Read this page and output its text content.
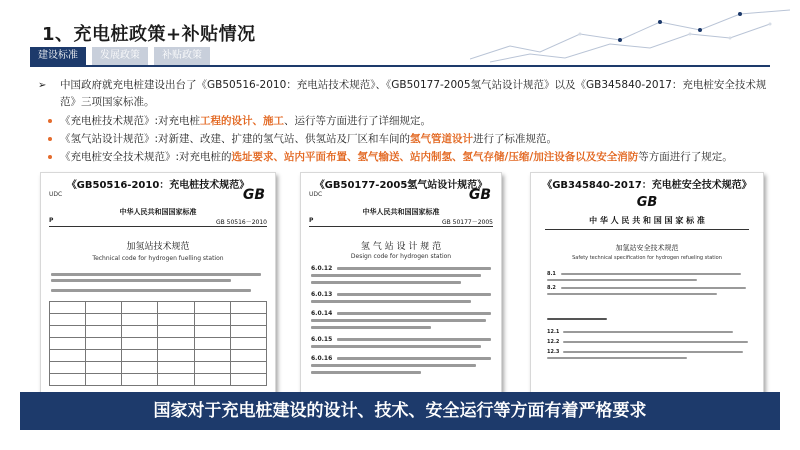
1、充电桩政策+补贴情况
建设标准	发展政策	补贴政策
➢ 中国政府就充电桩建设出台了《GB50516-2010：充电站技术规范》、《GB50177-2005氢气站设计规范》以及《GB345840-2017：充电桩安全技术规范》三项国家标准。
《充电桩技术规范》:对充电桩工程的设计、施工、运行等方面进行了详细规定。
《氢气站设计规范》:对新建、改建、扩建的氢气站、供氢站及厂区和车间的氢气管道设计进行了标准规范。
《充电桩安全技术规范》:对充电桩的选址要求、站内平面布置、氢气输送、站内制氢、氢气存储/压缩/加注设备以及安全消防等方面进行了规定。
《GB50516-2010：充电桩技术规范》
UDC	GB
中华人民共和国国家标准
P	GB 50516－2010
加氢站技术规范
Technical code for hydrogen fuelling station

《GB50177-2005氢气站设计规范》
UDC	GB
中华人民共和国国家标准
P	GB 50177－2005
氢 气 站 设 计 规 范
Design code for hydrogen station
6.0.12
6.0.13
6.0.14
6.0.15
6.0.16
《GB345840-2017：充电桩安全技术规范》
GB
中 华 人 民 共 和 国 国 家 标 准
加氢站安全技术规范
Safety technical specification for hydrogen refueling station
8.1
8.2
12.1
12.2
12.3
国家对于充电桩建设的设计、技术、安全运行等方面有着严格要求
